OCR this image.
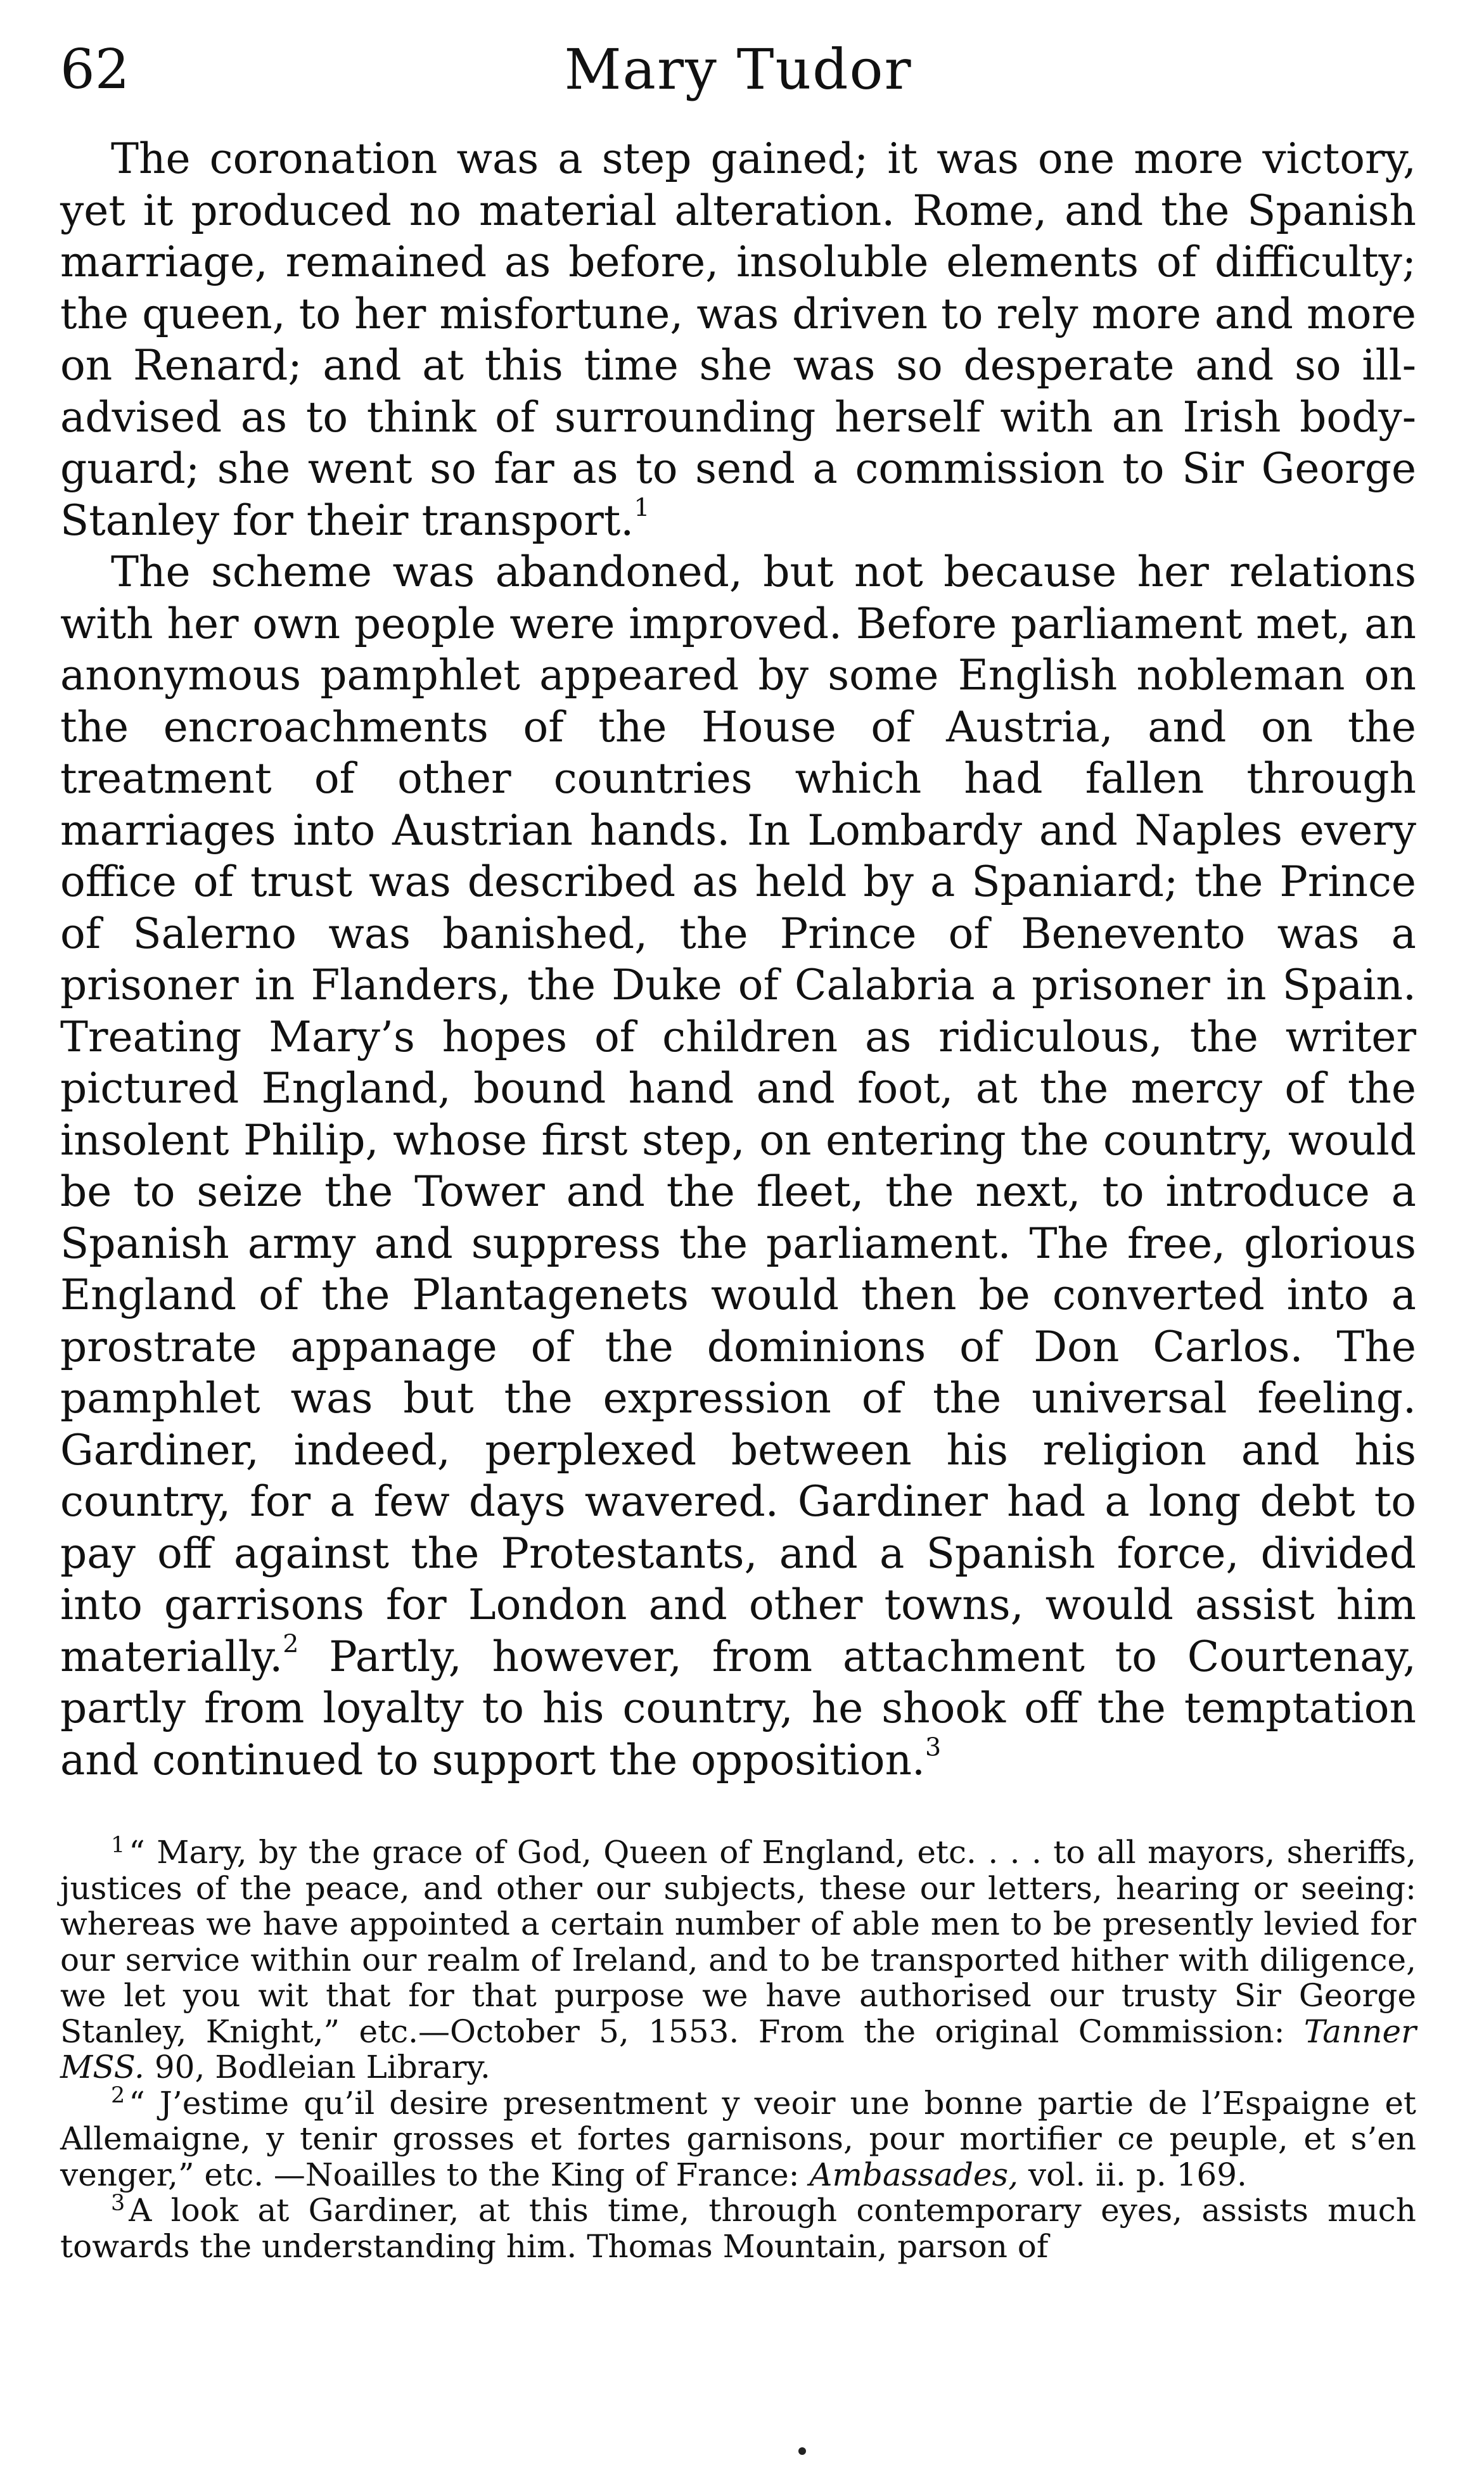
62	Mary Tudor

The coronation was a step gained; it was one more victory, yet it produced no material alteration. Rome, and the Spanish marriage, remained as before, insoluble elements of difficulty; the queen, to her misfortune, was driven to rely more and more on Renard; and at this time she was so desperate and so ill-advised as to think of surrounding herself with an Irish body-guard; she went so far as to send a commission to Sir George Stanley for their transport.$^1$

The scheme was abandoned, but not because her relations with her own people were improved. Before parliament met, an anonymous pamphlet appeared by some English nobleman on the encroachments of the House of Austria, and on the treatment of other countries which had fallen through marriages into Austrian hands. In Lombardy and Naples every office of trust was described as held by a Spaniard; the Prince of Salerno was banished, the Prince of Benevento was a prisoner in Flanders, the Duke of Calabria a prisoner in Spain. Treating Mary’s hopes of children as ridiculous, the writer pictured England, bound hand and foot, at the mercy of the insolent Philip, whose first step, on entering the country, would be to seize the Tower and the fleet, the next, to introduce a Spanish army and suppress the parliament. The free, glorious England of the Plantagenets would then be converted into a prostrate appanage of the dominions of Don Carlos. The pamphlet was but the expression of the universal feeling. Gardiner, indeed, perplexed between his religion and his country, for a few days wavered. Gardiner had a long debt to pay off against the Protestants, and a Spanish force, divided into garrisons for London and other towns, would assist him materially.$^2$ Partly, however, from attachment to Courtenay, partly from loyalty to his country, he shook off the temptation and continued to support the opposition.$^3$

$^1$ “ Mary, by the grace of God, Queen of England, etc. . . . to all mayors, sheriffs, justices of the peace, and other our subjects, these our letters, hearing or seeing: whereas we have appointed a certain number of able men to be presently levied for our service within our realm of Ireland, and to be transported hither with diligence, we let you wit that for that purpose we have authorised our trusty Sir George Stanley, Knight,” etc.—October 5, 1553. From the original Commission: Tanner MSS. 90, Bodleian Library.

$^2$ “ J’estime qu’il desire presentment y veoir une bonne partie de l’Espaigne et Allemaigne, y tenir grosses et fortes garnisons, pour mortifier ce peuple, et s’en venger,” etc. —Noailles to the King of France: Ambassades, vol. ii. p. 169.

$^3$ A look at Gardiner, at this time, through contemporary eyes, assists much towards the understanding him. Thomas Mountain, parson of
